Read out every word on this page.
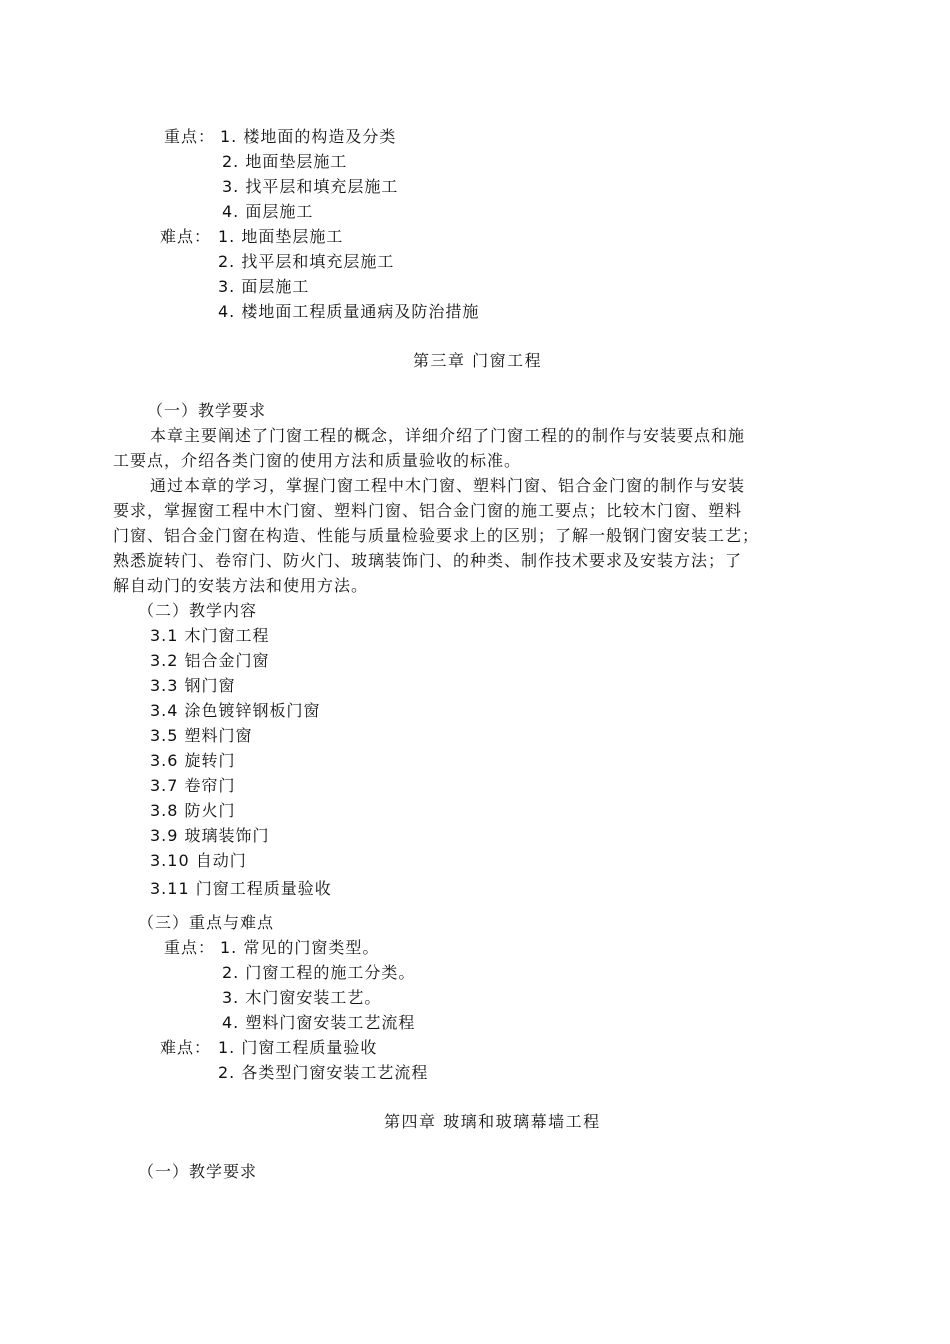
重点： 1. 楼地面的构造及分类
2. 地面垫层施工
3. 找平层和填充层施工
4. 面层施工
难点： 1. 地面垫层施工
2. 找平层和填充层施工
3. 面层施工
4. 楼地面工程质量通病及防治措施
第三章 门窗工程
（一）教学要求
本章主要阐述了门窗工程的概念，详细介绍了门窗工程的的制作与安装要点和施
工要点，介绍各类门窗的使用方法和质量验收的标准。
通过本章的学习，掌握门窗工程中木门窗、塑料门窗、铝合金门窗的制作与安装
要求，掌握窗工程中木门窗、塑料门窗、铝合金门窗的施工要点；比较木门窗、塑料
门窗、铝合金门窗在构造、性能与质量检验要求上的区别；了解一般钢门窗安装工艺；
熟悉旋转门、卷帘门、防火门、玻璃装饰门、的种类、制作技术要求及安装方法；了
解自动门的安装方法和使用方法。
（二）教学内容
3.1 木门窗工程
3.2 铝合金门窗
3.3 钢门窗
3.4 涂色镀锌钢板门窗
3.5 塑料门窗
3.6 旋转门
3.7 卷帘门
3.8 防火门
3.9 玻璃装饰门
3.10 自动门
3.11 门窗工程质量验收
（三）重点与难点
重点： 1. 常见的门窗类型。
2. 门窗工程的施工分类。
3. 木门窗安装工艺。
4. 塑料门窗安装工艺流程
难点： 1. 门窗工程质量验收
2. 各类型门窗安装工艺流程
第四章 玻璃和玻璃幕墙工程
（一）教学要求
